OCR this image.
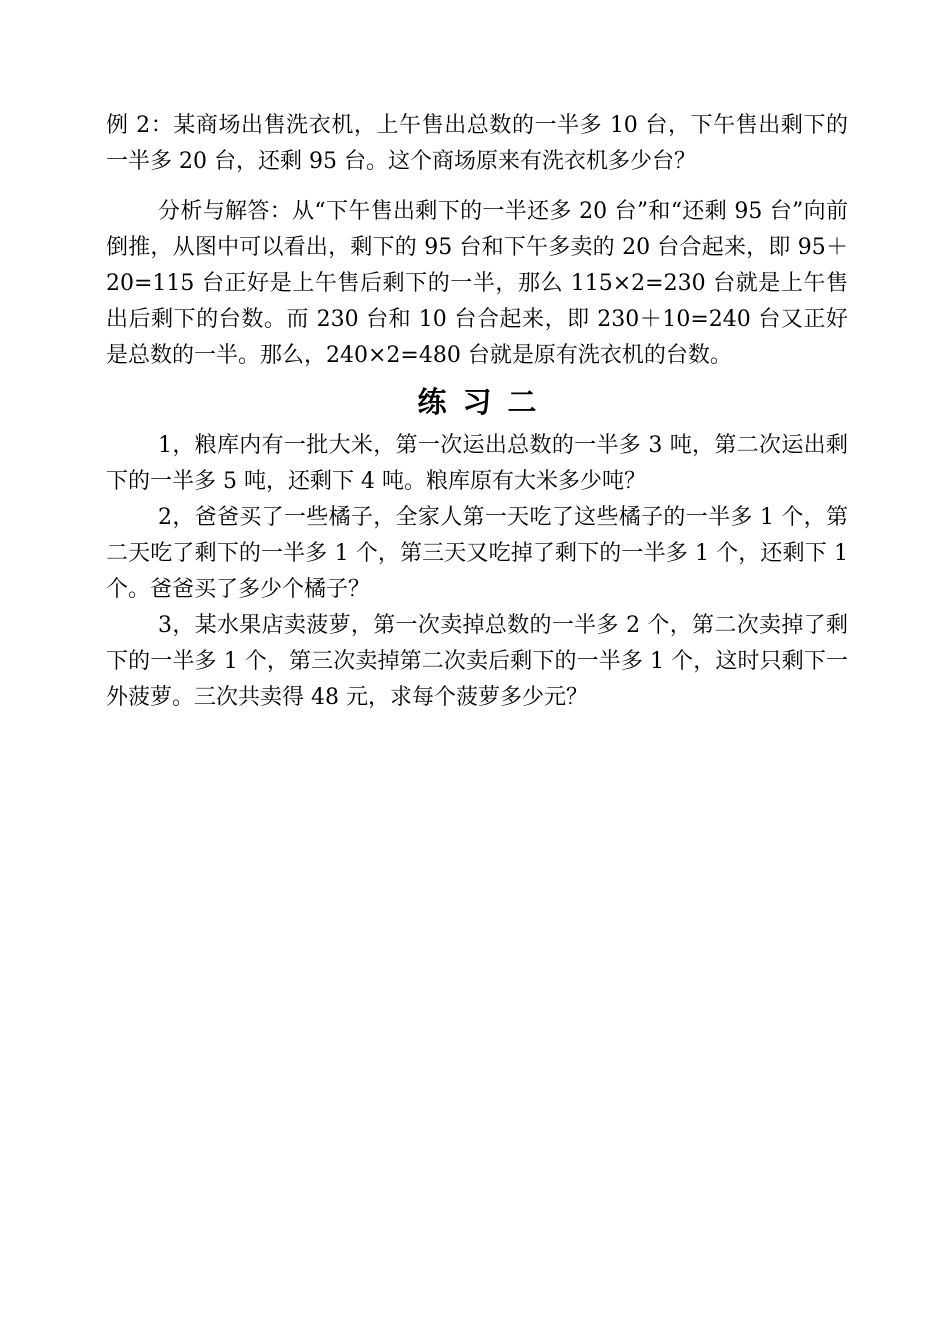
例 2：某商场出售洗衣机，上午售出总数的一半多 10 台，下午售出剩下的一半多 20 台，还剩 95 台。这个商场原来有洗衣机多少台？

分析与解答：从“下午售出剩下的一半还多 20 台”和“还剩 95 台”向前倒推，从图中可以看出，剩下的 95 台和下午多卖的 20 台合起来，即 95＋20=115 台正好是上午售后剩下的一半，那么 115×2=230 台就是上午售出后剩下的台数。而 230 台和 10 台合起来，即 230＋10=240 台又正好是总数的一半。那么，240×2=480 台就是原有洗衣机的台数。

练习二

1，粮库内有一批大米，第一次运出总数的一半多 3 吨，第二次运出剩下的一半多 5 吨，还剩下 4 吨。粮库原有大米多少吨？

2，爸爸买了一些橘子，全家人第一天吃了这些橘子的一半多 1 个，第二天吃了剩下的一半多 1 个，第三天又吃掉了剩下的一半多 1 个，还剩下 1 个。爸爸买了多少个橘子？

3，某水果店卖菠萝，第一次卖掉总数的一半多 2 个，第二次卖掉了剩下的一半多 1 个，第三次卖掉第二次卖后剩下的一半多 1 个，这时只剩下一外菠萝。三次共卖得 48 元，求每个菠萝多少元？
